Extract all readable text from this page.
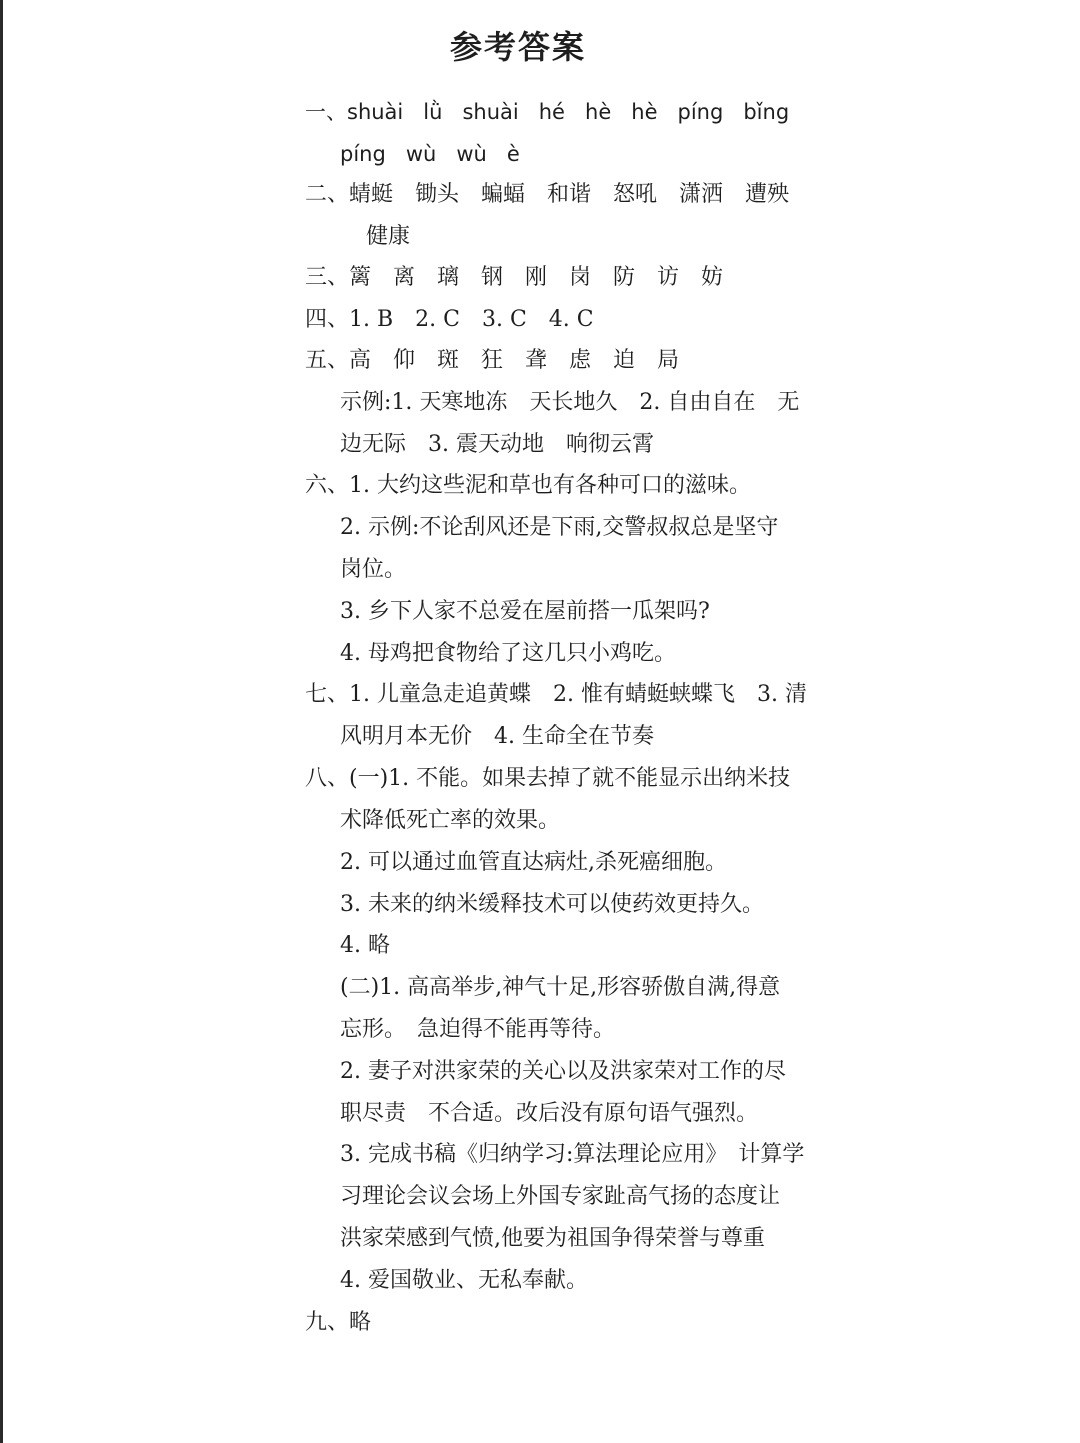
参考答案
一、shuài   lǜ   shuài   hé   hè   hè   píng   bǐng
píng   wù   wù   è
二、蜻蜓　锄头　蝙蝠　和谐　怒吼　潇洒　遭殃
健康
三、篱　离　璃　钢　刚　岗　防　访　妨
四、1. B　2. C　3. C　4. C
五、高　仰　斑　狂　聋　虑　迫　局
示例:1. 天寒地冻　天长地久　2. 自由自在　无
边无际　3. 震天动地　响彻云霄
六、1. 大约这些泥和草也有各种可口的滋味。
2. 示例:不论刮风还是下雨,交警叔叔总是坚守
岗位。
3. 乡下人家不总爱在屋前搭一瓜架吗?
4. 母鸡把食物给了这几只小鸡吃。
七、1. 儿童急走追黄蝶　2. 惟有蜻蜓蛱蝶飞　3. 清
风明月本无价　4. 生命全在节奏
八、(一)1. 不能。如果去掉了就不能显示出纳米技
术降低死亡率的效果。
2. 可以通过血管直达病灶,杀死癌细胞。
3. 未来的纳米缓释技术可以使药效更持久。
4. 略
(二)1. 高高举步,神气十足,形容骄傲自满,得意
忘形。　急迫得不能再等待。
2. 妻子对洪家荣的关心以及洪家荣对工作的尽
职尽责　不合适。改后没有原句语气强烈。
3. 完成书稿《归纳学习:算法理论应用》　计算学
习理论会议会场上外国专家趾高气扬的态度让
洪家荣感到气愤,他要为祖国争得荣誉与尊重
4. 爱国敬业、无私奉献。
九、略
